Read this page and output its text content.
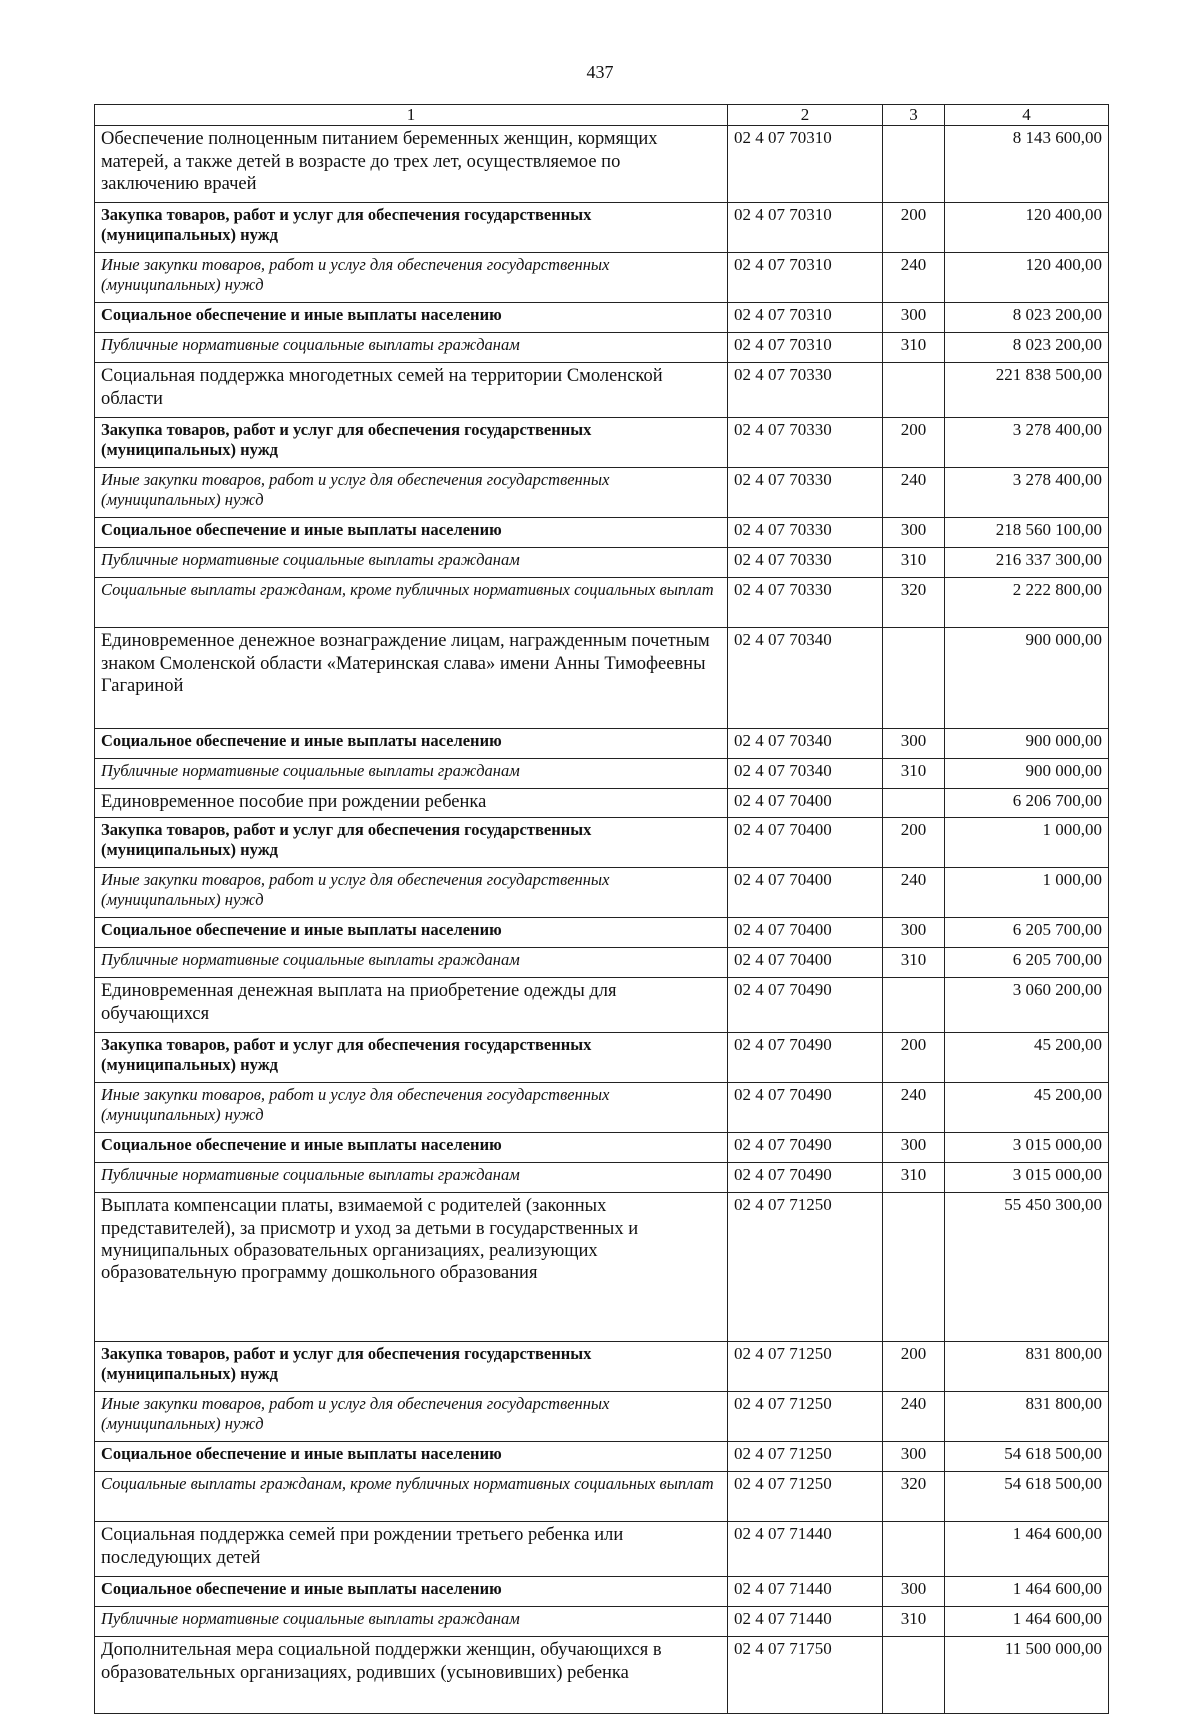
437
1	2	3	4
Обеспечение полноценным питанием беременных женщин, кормящих матерей, а также детей в возрасте до трех лет, осуществляемое по заключению врачей	02 4 07 70310		8 143 600,00
Закупка товаров, работ и услуг для обеспечения государственных (муниципальных) нужд	02 4 07 70310	200	120 400,00
Иные закупки товаров, работ и услуг для обеспечения государственных (муниципальных) нужд	02 4 07 70310	240	120 400,00
Социальное обеспечение и иные выплаты населению	02 4 07 70310	300	8 023 200,00
Публичные нормативные социальные выплаты гражданам	02 4 07 70310	310	8 023 200,00
Социальная поддержка многодетных семей на территории Смоленской области	02 4 07 70330		221 838 500,00
Закупка товаров, работ и услуг для обеспечения государственных (муниципальных) нужд	02 4 07 70330	200	3 278 400,00
Иные закупки товаров, работ и услуг для обеспечения государственных (муниципальных) нужд	02 4 07 70330	240	3 278 400,00
Социальное обеспечение и иные выплаты населению	02 4 07 70330	300	218 560 100,00
Публичные нормативные социальные выплаты гражданам	02 4 07 70330	310	216 337 300,00
Социальные выплаты гражданам, кроме публичных нормативных социальных выплат	02 4 07 70330	320	2 222 800,00
Единовременное денежное вознаграждение лицам, награжденным почетным знаком Смоленской области «Материнская слава» имени Анны Тимофеевны Гагариной	02 4 07 70340		900 000,00
Социальное обеспечение и иные выплаты населению	02 4 07 70340	300	900 000,00
Публичные нормативные социальные выплаты гражданам	02 4 07 70340	310	900 000,00
Единовременное пособие при рождении ребенка	02 4 07 70400		6 206 700,00
Закупка товаров, работ и услуг для обеспечения государственных (муниципальных) нужд	02 4 07 70400	200	1 000,00
Иные закупки товаров, работ и услуг для обеспечения государственных (муниципальных) нужд	02 4 07 70400	240	1 000,00
Социальное обеспечение и иные выплаты населению	02 4 07 70400	300	6 205 700,00
Публичные нормативные социальные выплаты гражданам	02 4 07 70400	310	6 205 700,00
Единовременная денежная выплата на приобретение одежды для обучающихся	02 4 07 70490		3 060 200,00
Закупка товаров, работ и услуг для обеспечения государственных (муниципальных) нужд	02 4 07 70490	200	45 200,00
Иные закупки товаров, работ и услуг для обеспечения государственных (муниципальных) нужд	02 4 07 70490	240	45 200,00
Социальное обеспечение и иные выплаты населению	02 4 07 70490	300	3 015 000,00
Публичные нормативные социальные выплаты гражданам	02 4 07 70490	310	3 015 000,00
Выплата компенсации платы, взимаемой с родителей (законных представителей), за присмотр и уход за детьми в государственных и муниципальных образовательных организациях, реализующих образовательную программу дошкольного образования	02 4 07 71250		55 450 300,00
Закупка товаров, работ и услуг для обеспечения государственных (муниципальных) нужд	02 4 07 71250	200	831 800,00
Иные закупки товаров, работ и услуг для обеспечения государственных (муниципальных) нужд	02 4 07 71250	240	831 800,00
Социальное обеспечение и иные выплаты населению	02 4 07 71250	300	54 618 500,00
Социальные выплаты гражданам, кроме публичных нормативных социальных выплат	02 4 07 71250	320	54 618 500,00
Социальная поддержка семей при рождении третьего ребенка или последующих детей	02 4 07 71440		1 464 600,00
Социальное обеспечение и иные выплаты населению	02 4 07 71440	300	1 464 600,00
Публичные нормативные социальные выплаты гражданам	02 4 07 71440	310	1 464 600,00
Дополнительная мера социальной поддержки женщин, обучающихся в образовательных организациях, родивших (усыновивших) ребенка	02 4 07 71750		11 500 000,00
